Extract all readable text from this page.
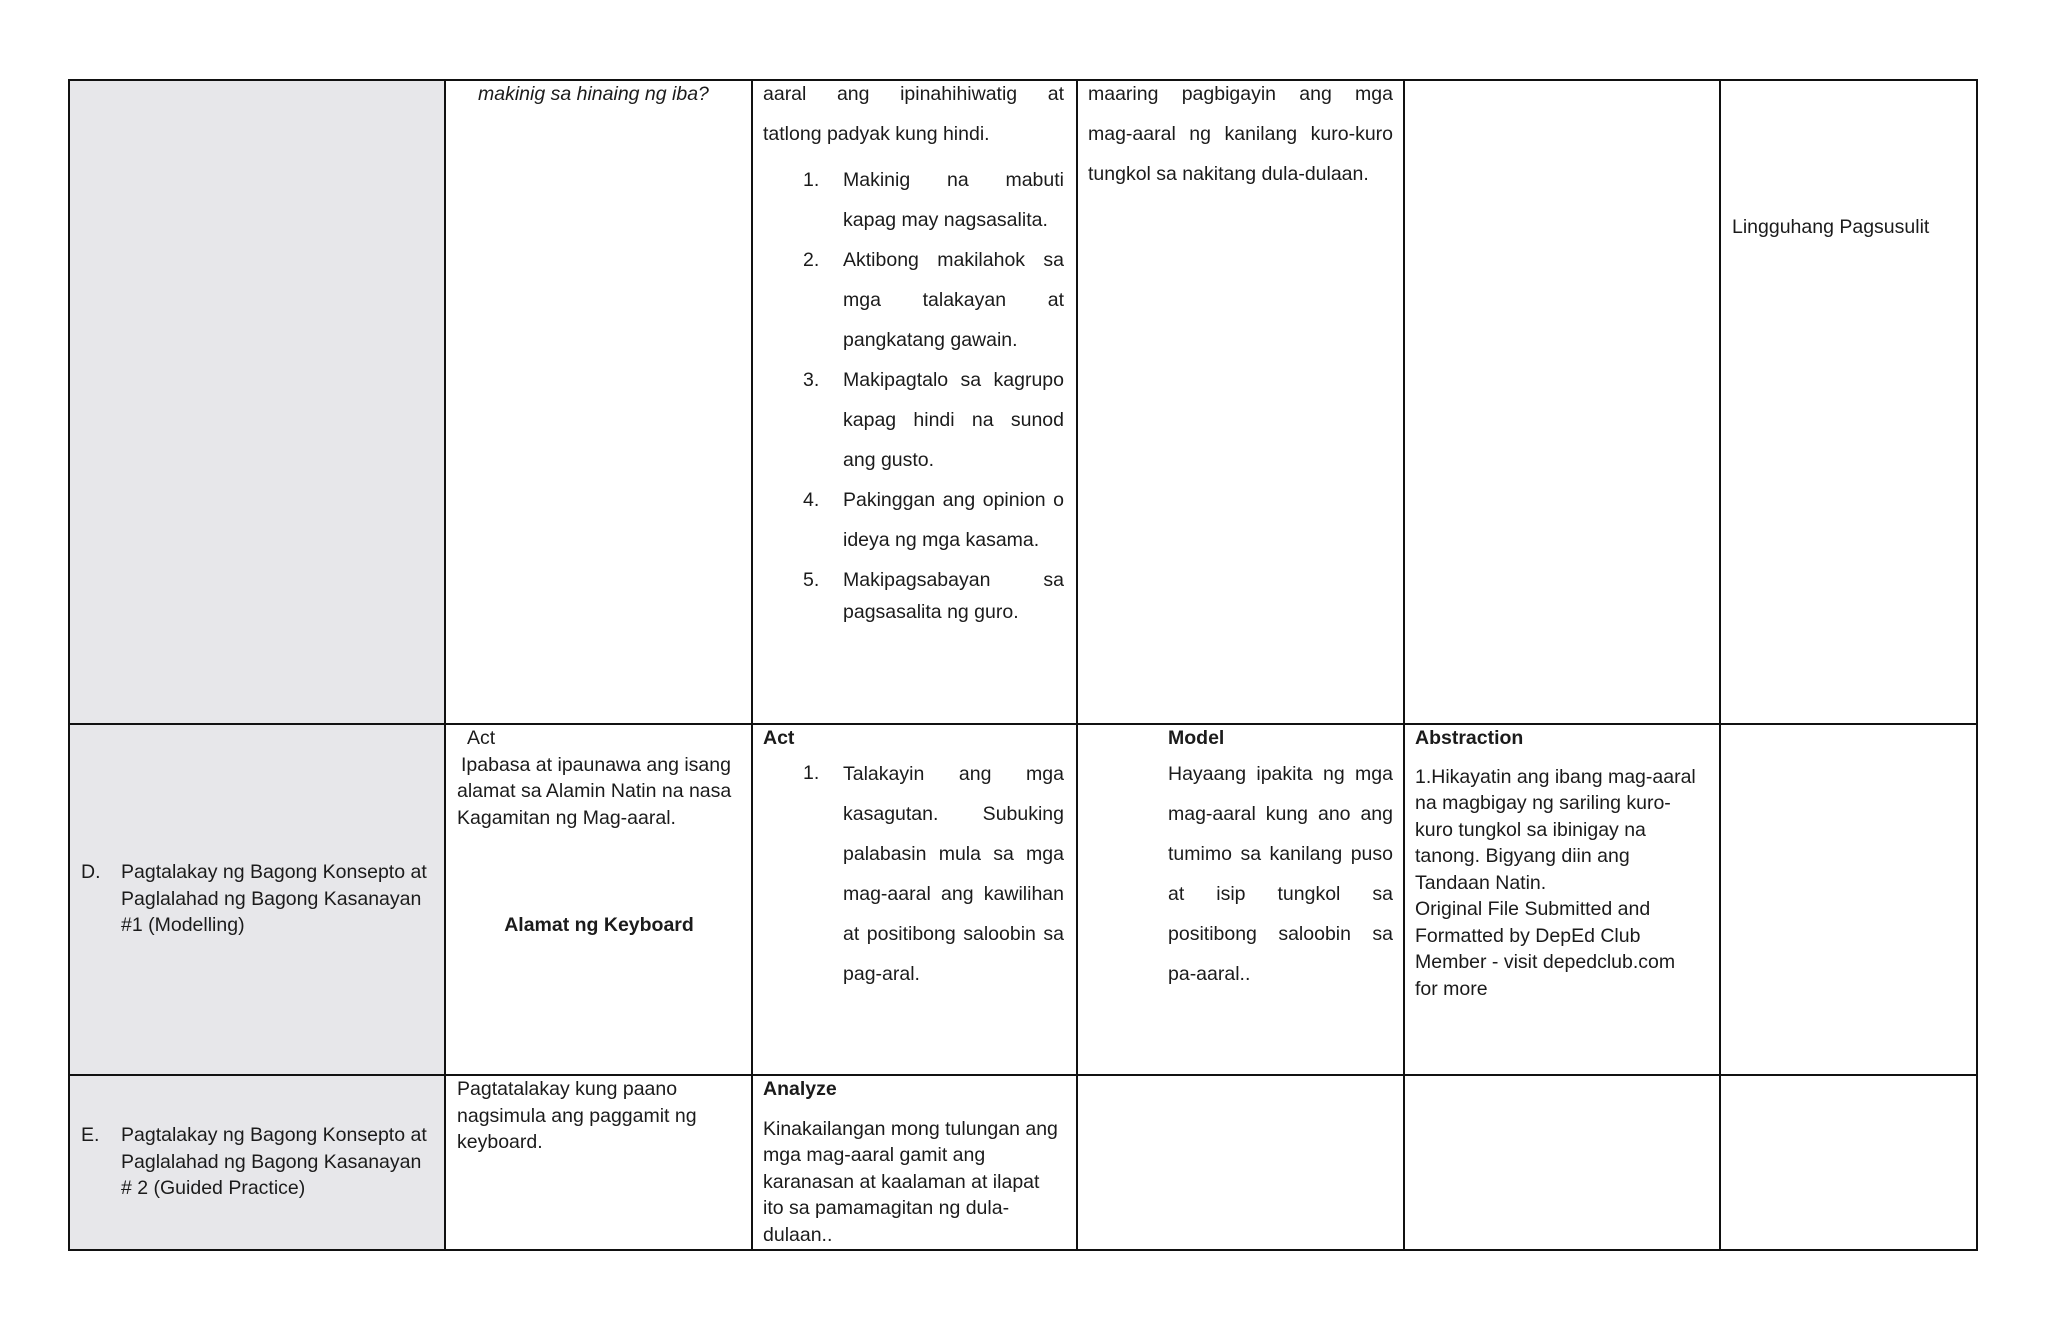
makinig sa hinaing ng iba?	aaral ang ipinahihiwatig at
tatlong padyak kung hindi.
1. Makinig na mabuti
kapag may nagsasalita.
2. Aktibong makilahok sa
mga talakayan at
pangkatang gawain.
3. Makipagtalo sa kagrupo
kapag hindi na sunod
ang gusto.
4. Pakinggan ang opinion o
ideya ng mga kasama.
5. Makipagsabayan sa
pagsasalita ng guro.
maaring pagbigayin ang mga
mag-aaral ng kanilang kuro-kuro
tungkol sa nakitang dula-dulaan.
Lingguhang Pagsusulit
D. Pagtalakay ng Bagong Konsepto at
Paglalahad ng Bagong Kasanayan
#1 (Modelling)
Act
Ipabasa at ipaunawa ang isang
alamat sa Alamin Natin na nasa
Kagamitan ng Mag-aaral.
Alamat ng Keyboard
Act
1. Talakayin ang mga
kasagutan. Subuking
palabasin mula sa mga
mag-aaral ang kawilihan
at positibong saloobin sa
pag-aral.
Model
Hayaang ipakita ng mga
mag-aaral kung ano ang
tumimo sa kanilang puso
at isip tungkol sa
positibong saloobin sa
pa-aaral..
Abstraction
1.Hikayatin ang ibang mag-aaral
na magbigay ng sariling kuro-
kuro tungkol sa ibinigay na
tanong. Bigyang diin ang
Tandaan Natin.
Original File Submitted and
Formatted by DepEd Club
Member - visit depedclub.com
for more
E. Pagtalakay ng Bagong Konsepto at
Paglalahad ng Bagong Kasanayan
# 2 (Guided Practice)
Pagtatalakay kung paano
nagsimula ang paggamit ng
keyboard.
Analyze
Kinakailangan mong tulungan ang
mga mag-aaral gamit ang
karanasan at kaalaman at ilapat
ito sa pamamagitan ng dula-
dulaan..
